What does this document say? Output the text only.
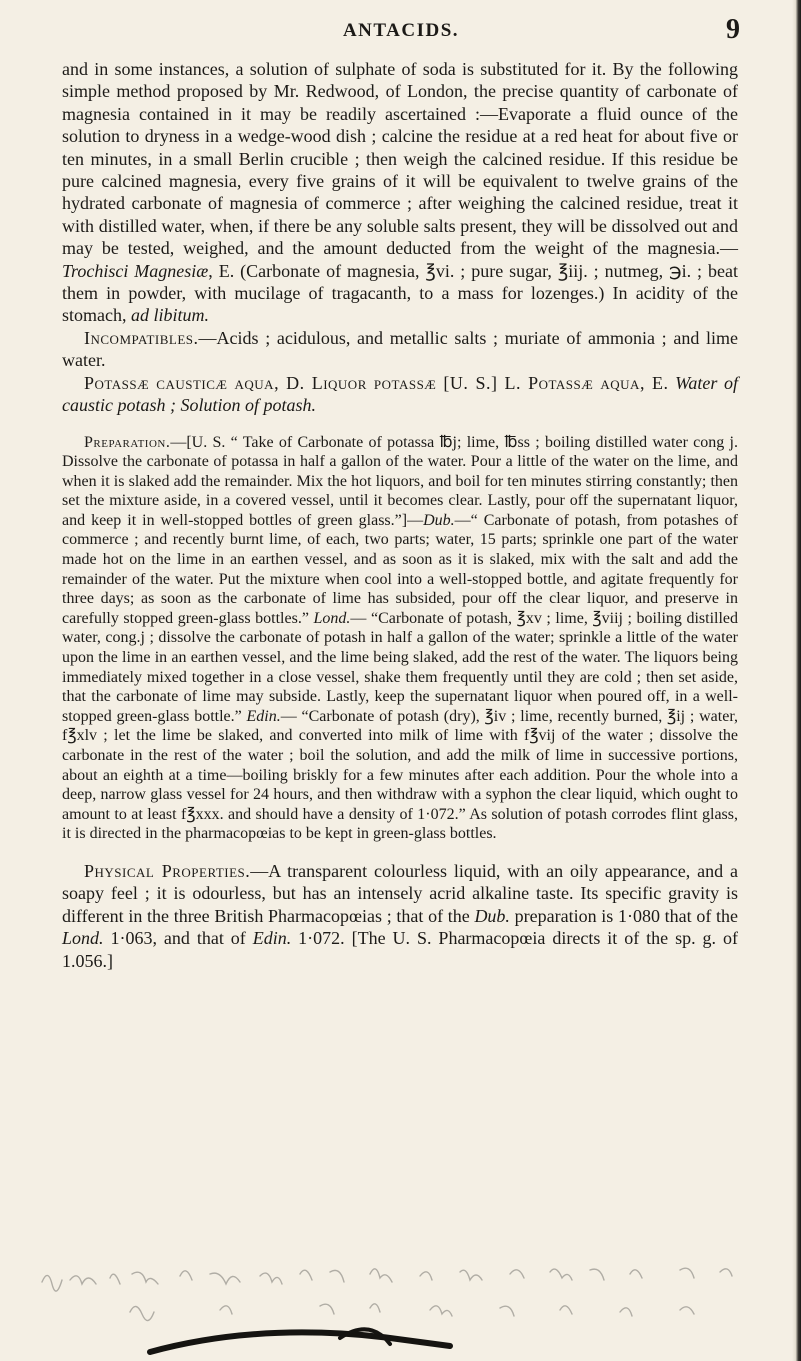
ANTACIDS.	9

and in some instances, a solution of sulphate of soda is substituted for it. By the following simple method proposed by Mr. Redwood, of London, the precise quantity of carbonate of magnesia contained in it may be readily ascertained :—Evaporate a fluid ounce of the solution to dryness in a wedge-wood dish ; calcine the residue at a red heat for about five or ten minutes, in a small Berlin crucible ; then weigh the calcined residue. If this residue be pure calcined magnesia, every five grains of it will be equivalent to twelve grains of the hydrated carbonate of magnesia of commerce ; after weighing the calcined residue, treat it with distilled water, when, if there be any soluble salts present, they will be dissolved out and may be tested, weighed, and the amount deducted from the weight of the magnesia.—Trochisci Magnesiæ, E. (Carbonate of magnesia, ℥vi. ; pure sugar, ℥iij. ; nutmeg, ℈i. ; beat them in powder, with mucilage of tragacanth, to a mass for lozenges.) In acidity of the stomach, ad libitum.

Incompatibles.—Acids ; acidulous, and metallic salts ; muriate of ammonia ; and lime water.

Potassæ causticæ aqua, D. Liquor potassæ [U. S.] L. Potassæ aqua, E. Water of caustic potash ; Solution of potash.

Preparation.—[U. S. “ Take of Carbonate of potassa ℔j; lime, ℔ss ; boiling distilled water cong j. Dissolve the carbonate of potassa in half a gallon of the water. Pour a little of the water on the lime, and when it is slaked add the remainder. Mix the hot liquors, and boil for ten minutes stirring constantly; then set the mixture aside, in a covered vessel, until it becomes clear. Lastly, pour off the supernatant liquor, and keep it in well-stopped bottles of green glass.”]—Dub.—“ Carbonate of potash, from potashes of commerce ; and recently burnt lime, of each, two parts; water, 15 parts; sprinkle one part of the water made hot on the lime in an earthen vessel, and as soon as it is slaked, mix with the salt and add the remainder of the water. Put the mixture when cool into a well-stopped bottle, and agitate frequently for three days; as soon as the carbonate of lime has subsided, pour off the clear liquor, and preserve in carefully stopped green-glass bottles.” Lond.— “Carbonate of potash, ℥xv ; lime, ℥viij ; boiling distilled water, cong.j ; dissolve the carbonate of potash in half a gallon of the water; sprinkle a little of the water upon the lime in an earthen vessel, and the lime being slaked, add the rest of the water. The liquors being immediately mixed together in a close vessel, shake them frequently until they are cold ; then set aside, that the carbonate of lime may subside. Lastly, keep the supernatant liquor when poured off, in a well-stopped green-glass bottle.” Edin.— “Carbonate of potash (dry), ℥iv ; lime, recently burned, ℥ij ; water, f℥xlv ; let the lime be slaked, and converted into milk of lime with f℥vij of the water ; dissolve the carbonate in the rest of the water ; boil the solution, and add the milk of lime in successive portions, about an eighth at a time—boiling briskly for a few minutes after each addition. Pour the whole into a deep, narrow glass vessel for 24 hours, and then withdraw with a syphon the clear liquid, which ought to amount to at least f℥xxx. and should have a density of 1·072.” As solution of potash corrodes flint glass, it is directed in the pharmacopœias to be kept in green-glass bottles.

Physical Properties.—A transparent colourless liquid, with an oily appearance, and a soapy feel ; it is odourless, but has an intensely acrid alkaline taste. Its specific gravity is different in the three British Pharmacopœias ; that of the Dub. preparation is 1·080 that of the Lond. 1·063, and that of Edin. 1·072. [The U. S. Pharmacopœia directs it of the sp. g. of 1.056.]
